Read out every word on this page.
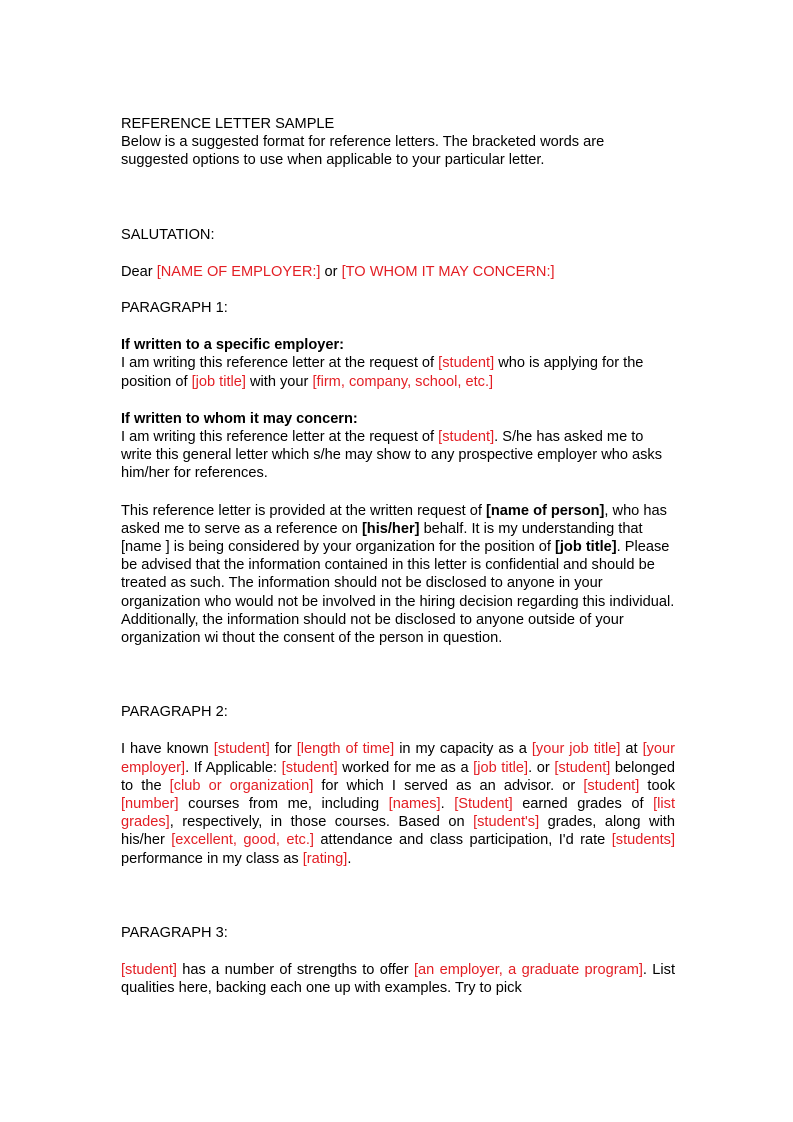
REFERENCE LETTER SAMPLE

Below is a suggested format for reference letters. The bracketed words are suggested options to use when applicable to your particular letter.

SALUTATION:

Dear [NAME OF EMPLOYER:] or [TO WHOM IT MAY CONCERN:]

PARAGRAPH 1:

If written to a specific employer:

I am writing this reference letter at the request of [student] who is applying for the position of [job title] with your [firm, company, school, etc.]

If written to whom it may concern:

I am writing this reference letter at the request of [student]. S/he has asked me to write this general letter which s/he may show to any prospective employer who asks him/her for references.

This reference letter is provided at the written request of [name of person], who has asked me to serve as a reference on [his/her] behalf. It is my understanding that [name ] is being considered by your organization for the position of [job title]. Please be advised that the information contained in this letter is confidential and should be treated as such. The information should not be disclosed to anyone in your organization who would not be involved in the hiring decision regarding this individual. Additionally, the information should not be disclosed to anyone outside of your organization wi thout the consent of the person in question.

PARAGRAPH 2:

I have known [student] for [length of time] in my capacity as a [your job title] at [your employer]. If Applicable: [student] worked for me as a [job title]. or [student] belonged to the [club or organization] for which I served as an advisor. or [student] took [number] courses from me, including [names]. [Student] earned grades of [list grades], respectively, in those courses. Based on [student's] grades, along with his/her [excellent, good, etc.] attendance and class participation, I'd rate [students] performance in my class as [rating].

PARAGRAPH 3:

[student] has a number of strengths to offer [an employer, a graduate program]. List qualities here, backing each one up with examples. Try to pick
